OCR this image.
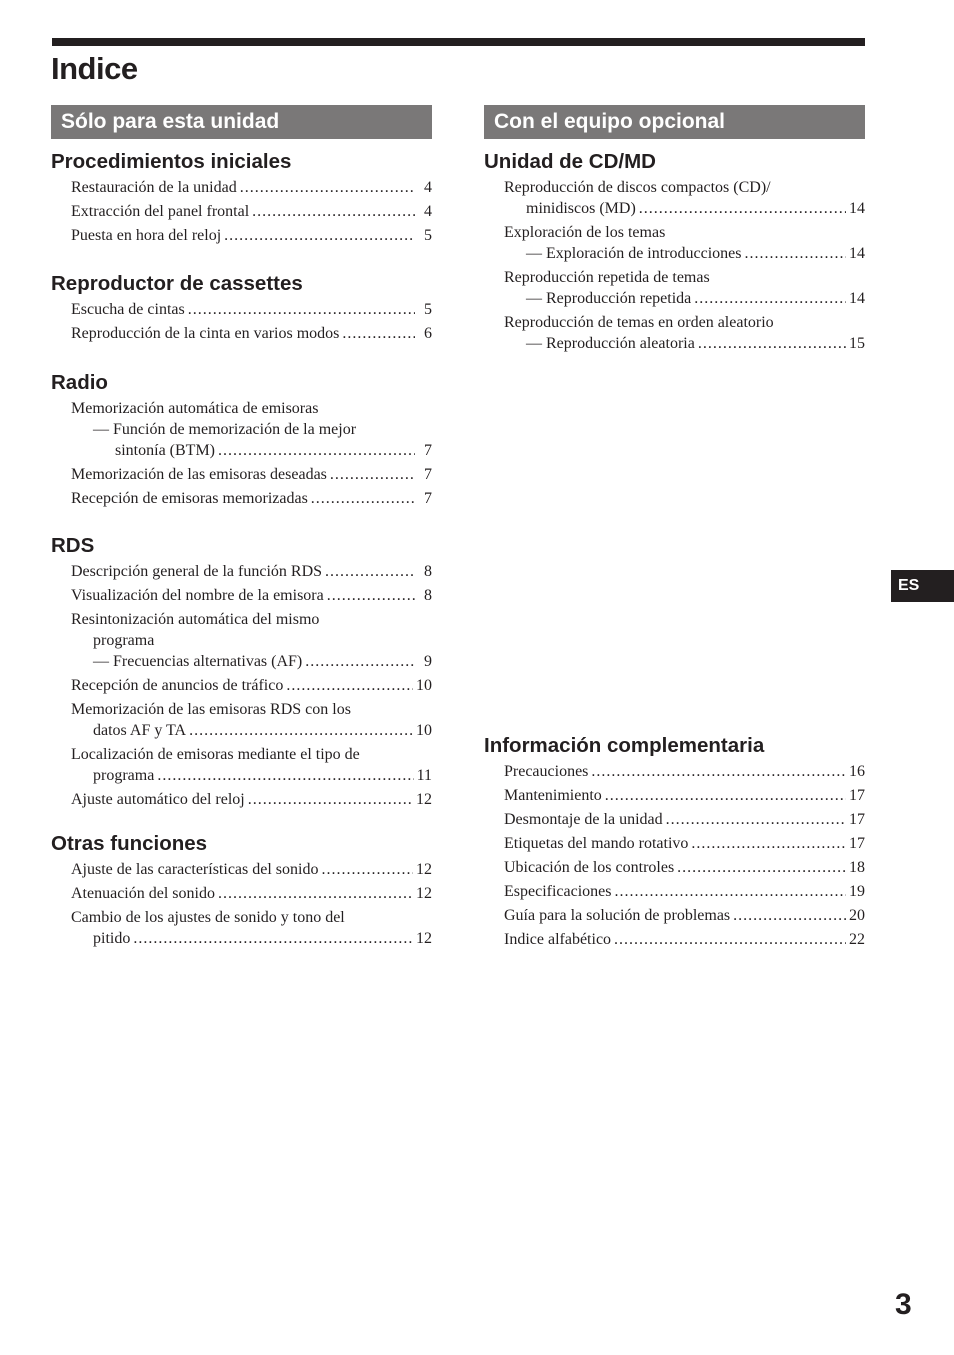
Indice
Sólo para esta unidad
Procedimientos iniciales
Restauración de la unidad .....	4
Extracción del panel frontal .....	4
Puesta en hora del reloj .....	5
Reproductor de cassettes
Escucha de cintas .....	5
Reproducción de la cinta en varios modos .....	6
Radio
Memorización automática de emisoras
— Función de memorización de la mejor
sintonía (BTM) .....	7
Memorización de las emisoras deseadas .....	7
Recepción de emisoras memorizadas .....	7
RDS
Descripción general de la función RDS .....	8
Visualización del nombre de la emisora .....	8
Resintonización automática del mismo
programa
— Frecuencias alternativas (AF) .....	9
Recepción de anuncios de tráfico .....	10
Memorización de las emisoras RDS con los
datos AF y TA .....	10
Localización de emisoras mediante el tipo de
programa .....	11
Ajuste automático del reloj .....	12
Otras funciones
Ajuste de las características del sonido .....	12
Atenuación del sonido .....	12
Cambio de los ajustes de sonido y tono del
pitido .....	12
Con el equipo opcional
Unidad de CD/MD
Reproducción de discos compactos (CD)/
minidiscos (MD) .....	14
Exploración de los temas
— Exploración de introducciones .....	14
Reproducción repetida de temas
— Reproducción repetida .....	14
Reproducción de temas en orden aleatorio
— Reproducción aleatoria .....	15
Información complementaria
Precauciones .....	16
Mantenimiento .....	17
Desmontaje de la unidad .....	17
Etiquetas del mando rotativo .....	17
Ubicación de los controles .....	18
Especificaciones .....	19
Guía para la solución de problemas .....	20
Indice alfabético .....	22
ES
3
